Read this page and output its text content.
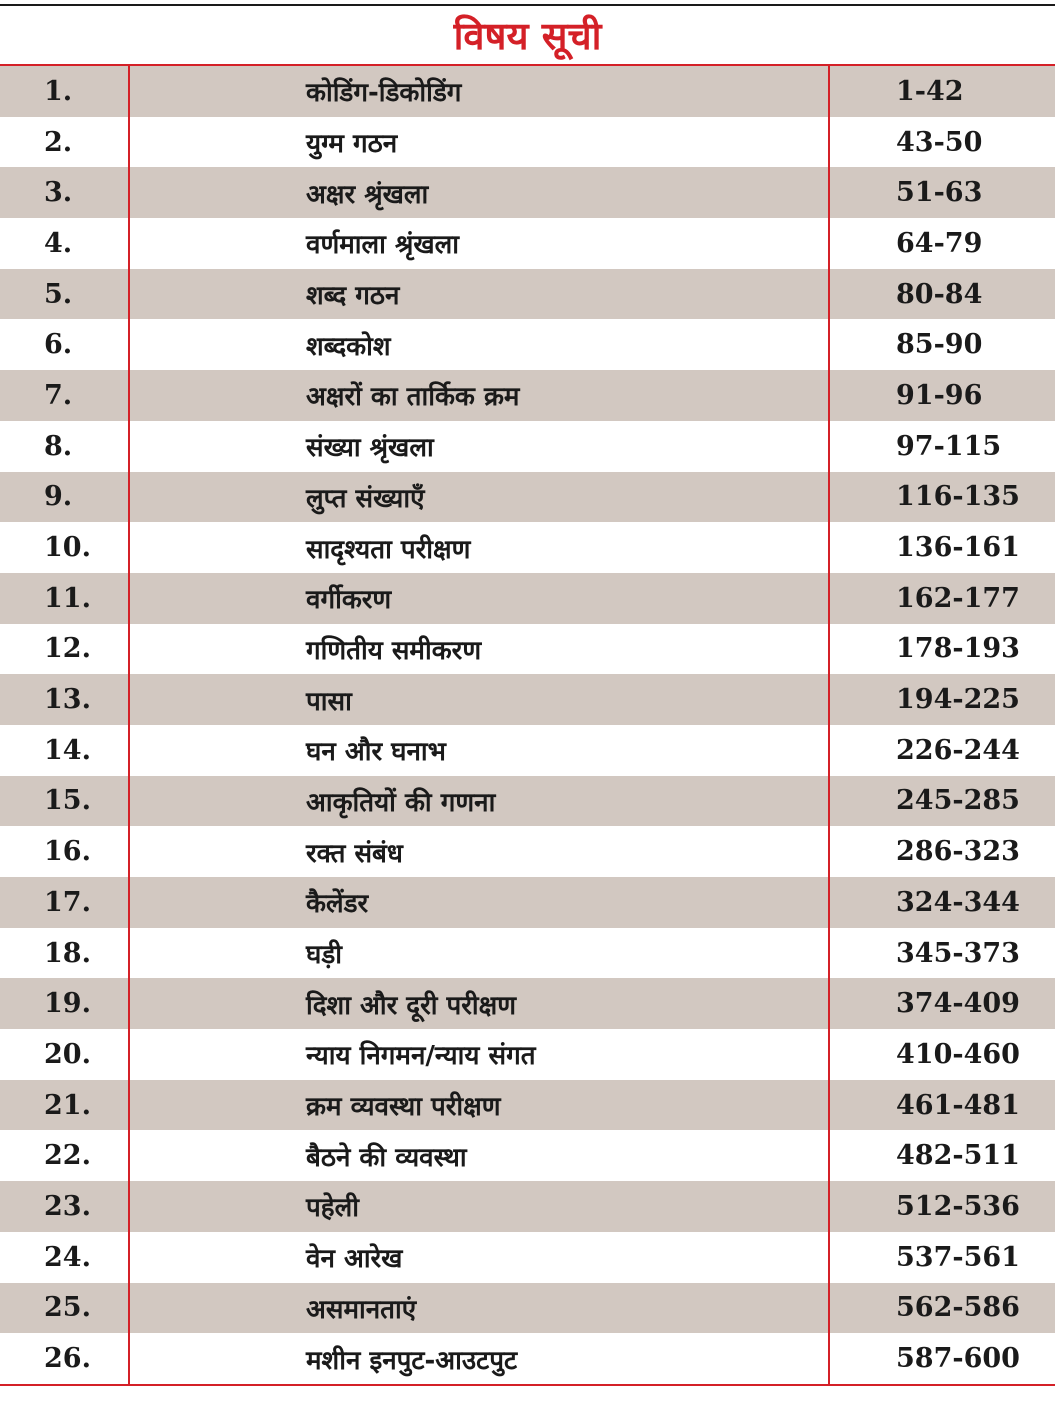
विषय सूची
1.	कोडिंग-डिकोडिंग	1-42
2.	युग्म गठन	43-50
3.	अक्षर श्रृंखला	51-63
4.	वर्णमाला श्रृंखला	64-79
5.	शब्द गठन	80-84
6.	शब्दकोश	85-90
7.	अक्षरों का तार्किक क्रम	91-96
8.	संख्या श्रृंखला	97-115
9.	लुप्त संख्याएँ	116-135
10.	सादृश्यता परीक्षण	136-161
11.	वर्गीकरण	162-177
12.	गणितीय समीकरण	178-193
13.	पासा	194-225
14.	घन और घनाभ	226-244
15.	आकृतियों की गणना	245-285
16.	रक्त संबंध	286-323
17.	कैलेंडर	324-344
18.	घड़ी	345-373
19.	दिशा और दूरी परीक्षण	374-409
20.	न्याय निगमन/न्याय संगत	410-460
21.	क्रम व्यवस्था परीक्षण	461-481
22.	बैठने की व्यवस्था	482-511
23.	पहेली	512-536
24.	वेन आरेख	537-561
25.	असमानताएं	562-586
26.	मशीन इनपुट-आउटपुट	587-600
